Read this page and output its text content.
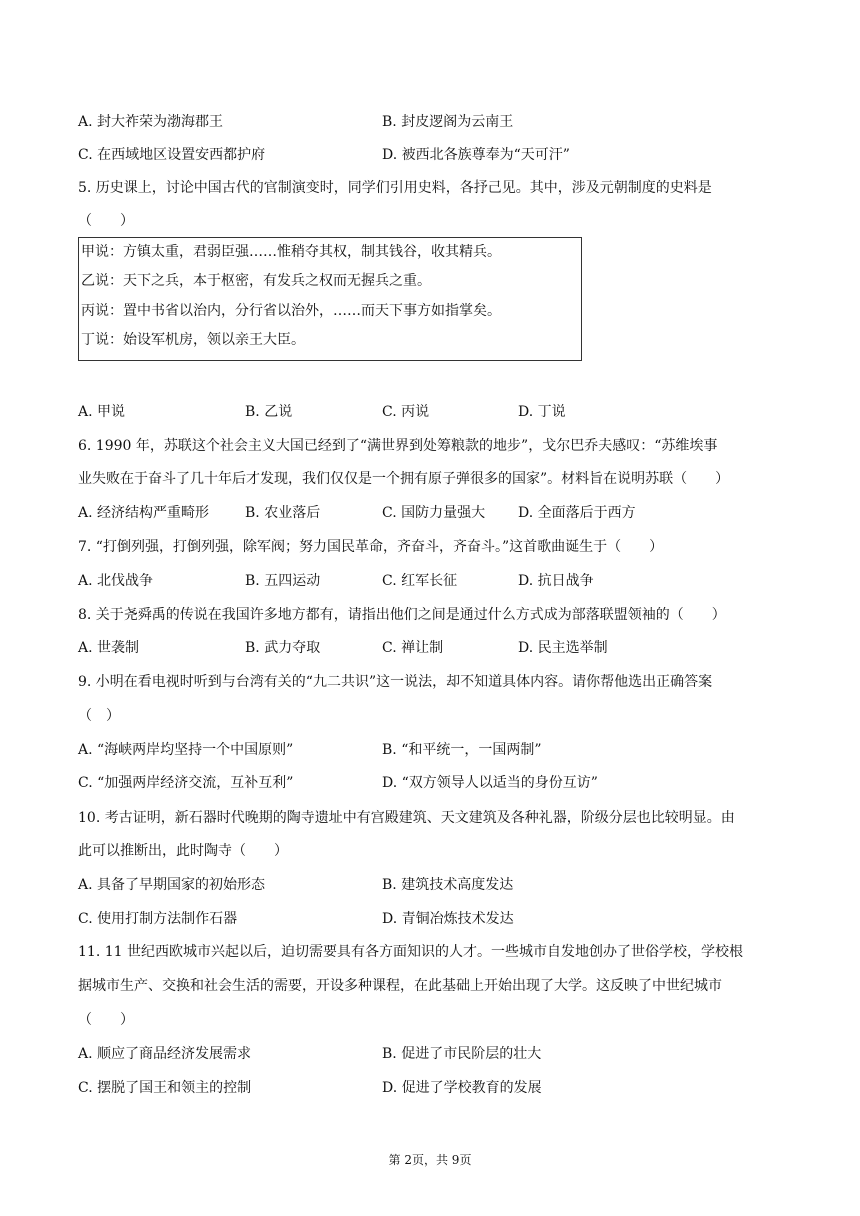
A. 封大祚荣为渤海郡王	B. 封皮逻阁为云南王
C. 在西域地区设置安西都护府	D. 被西北各族尊奉为“天可汗”
5. 历史课上，讨论中国古代的官制演变时，同学们引用史料，各抒己见。其中，涉及元朝制度的史料是
（　　）
甲说：方镇太重，君弱臣强……惟稍夺其权，制其钱谷，收其精兵。
乙说：天下之兵，本于枢密，有发兵之权而无握兵之重。
丙说：置中书省以治内，分行省以治外，……而天下事方如指掌矣。
丁说：始设军机房，领以亲王大臣。
A. 甲说	B. 乙说	C. 丙说	D. 丁说
6. 1990 年，苏联这个社会主义大国已经到了“满世界到处筹粮款的地步”，戈尔巴乔夫感叹：“苏维埃事
业失败在于奋斗了几十年后才发现，我们仅仅是一个拥有原子弹很多的国家”。材料旨在说明苏联（　　）
A. 经济结构严重畸形	B. 农业落后	C. 国防力量强大 D. 全面落后于西方
7. “打倒列强，打倒列强，除军阀；努力国民革命，齐奋斗，齐奋斗。”这首歌曲诞生于（　　）
A. 北伐战争	B. 五四运动	C. 红军长征	D. 抗日战争
8. 关于尧舜禹的传说在我国许多地方都有，请指出他们之间是通过什么方式成为部落联盟领袖的（　　）
A. 世袭制	B. 武力夺取	C. 禅让制	D. 民主选举制
9. 小明在看电视时听到与台湾有关的“九二共识”这一说法，却不知道具体内容。请你帮他选出正确答案
（　）
A. “海峡两岸均坚持一个中国原则”	B. “和平统一，一国两制”
C. “加强两岸经济交流，互补互利”	D. “双方领导人以适当的身份互访”
10. 考古证明，新石器时代晚期的陶寺遗址中有宫殿建筑、天文建筑及各种礼器，阶级分层也比较明显。由
此可以推断出，此时陶寺（　　）
A. 具备了早期国家的初始形态	B. 建筑技术高度发达
C. 使用打制方法制作石器	D. 青铜冶炼技术发达
11. 11 世纪西欧城市兴起以后，迫切需要具有各方面知识的人才。一些城市自发地创办了世俗学校，学校根
据城市生产、交换和社会生活的需要，开设多种课程，在此基础上开始出现了大学。这反映了中世纪城市
（　　）
A. 顺应了商品经济发展需求	B. 促进了市民阶层的壮大
C. 摆脱了国王和领主的控制	D. 促进了学校教育的发展
第 2页，共 9页
